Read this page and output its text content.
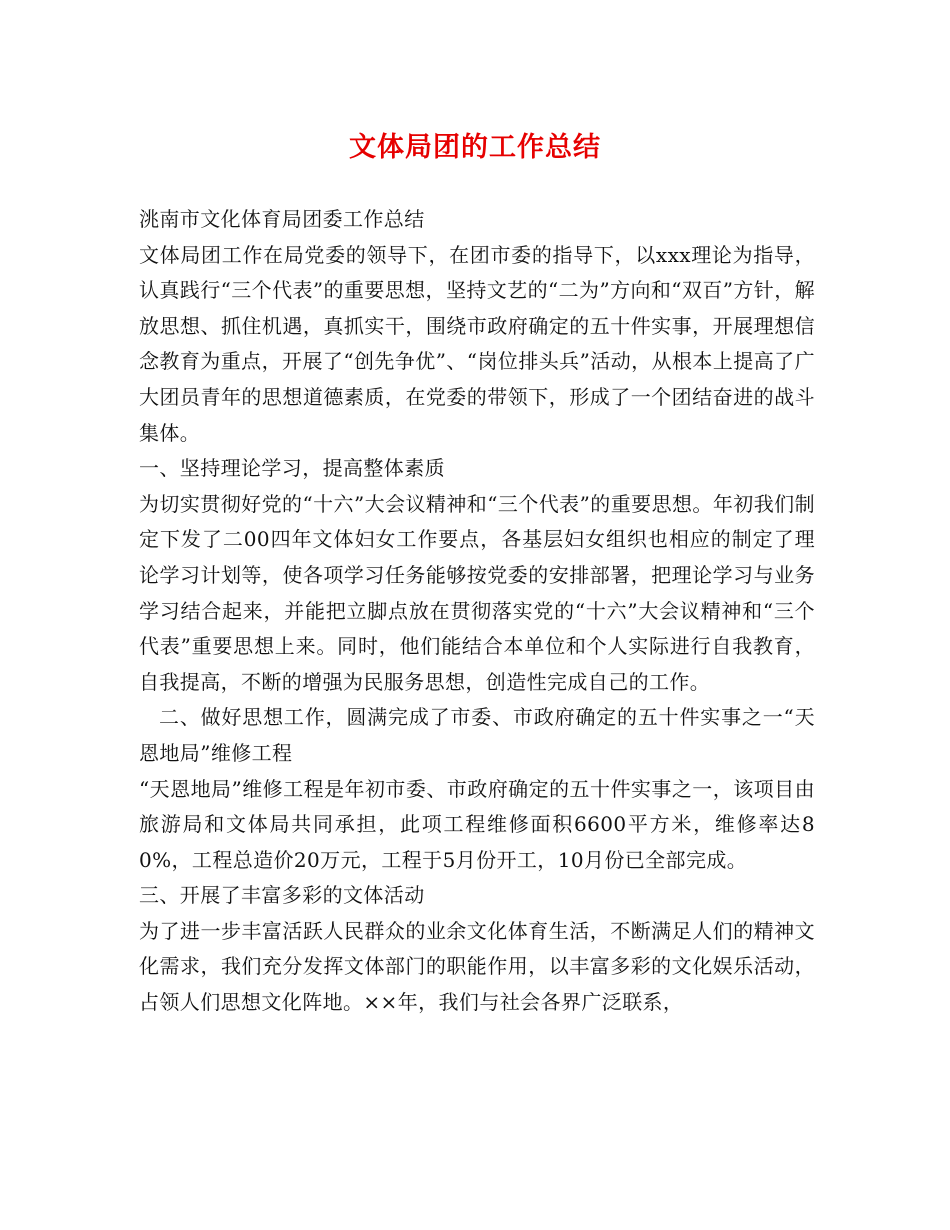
文体局团的工作总结

洮南市文化体育局团委工作总结

文体局团工作在局党委的领导下，在团市委的指导下，以xxx理论为指导，认真践行“三个代表”的重要思想，坚持文艺的“二为”方向和“双百”方针，解放思想、抓住机遇，真抓实干，围绕市政府确定的五十件实事，开展理想信念教育为重点，开展了“创先争优”、“岗位排头兵”活动，从根本上提高了广大团员青年的思想道德素质，在党委的带领下，形成了一个团结奋进的战斗集体。

一、坚持理论学习，提高整体素质

为切实贯彻好党的“十六”大会议精神和“三个代表”的重要思想。年初我们制定下发了二00四年文体妇女工作要点，各基层妇女组织也相应的制定了理论学习计划等，使各项学习任务能够按党委的安排部署，把理论学习与业务学习结合起来，并能把立脚点放在贯彻落实党的“十六”大会议精神和“三个代表”重要思想上来。同时，他们能结合本单位和个人实际进行自我教育，自我提高，不断的增强为民服务思想，创造性完成自己的工作。

二、做好思想工作，圆满完成了市委、市政府确定的五十件实事之一“天恩地局”维修工程

“天恩地局”维修工程是年初市委、市政府确定的五十件实事之一，该项目由旅游局和文体局共同承担，此项工程维修面积6600平方米，维修率达80%，工程总造价20万元，工程于5月份开工，10月份已全部完成。

三、开展了丰富多彩的文体活动

为了进一步丰富活跃人民群众的业余文化体育生活，不断满足人们的精神文化需求，我们充分发挥文体部门的职能作用，以丰富多彩的文化娱乐活动，占领人们思想文化阵地。××年，我们与社会各界广泛联系，
